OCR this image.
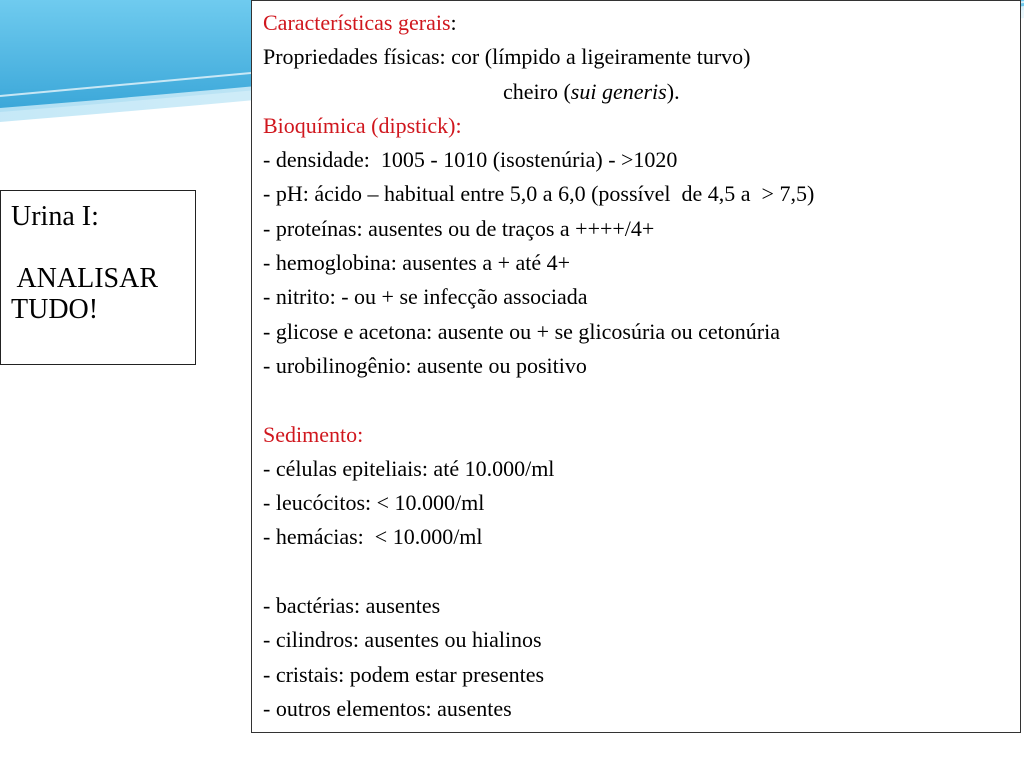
Urina I:
ANALISAR
TUDO!
Características gerais:
Propriedades físicas: cor (límpido a ligeiramente turvo)
cheiro (sui generis).
Bioquímica (dipstick):
- densidade:  1005 - 1010 (isostenúria) - >1020
- pH: ácido – habitual entre 5,0 a 6,0 (possível  de 4,5 a  > 7,5)
- proteínas: ausentes ou de traços a ++++/4+
- hemoglobina: ausentes a + até 4+
- nitrito: - ou + se infecção associada
- glicose e acetona: ausente ou + se glicosúria ou cetonúria
- urobilinogênio: ausente ou positivo
Sedimento:
- células epiteliais: até 10.000/ml
- leucócitos: < 10.000/ml
- hemácias:  < 10.000/ml
- bactérias: ausentes
- cilindros: ausentes ou hialinos
- cristais: podem estar presentes
- outros elementos: ausentes
